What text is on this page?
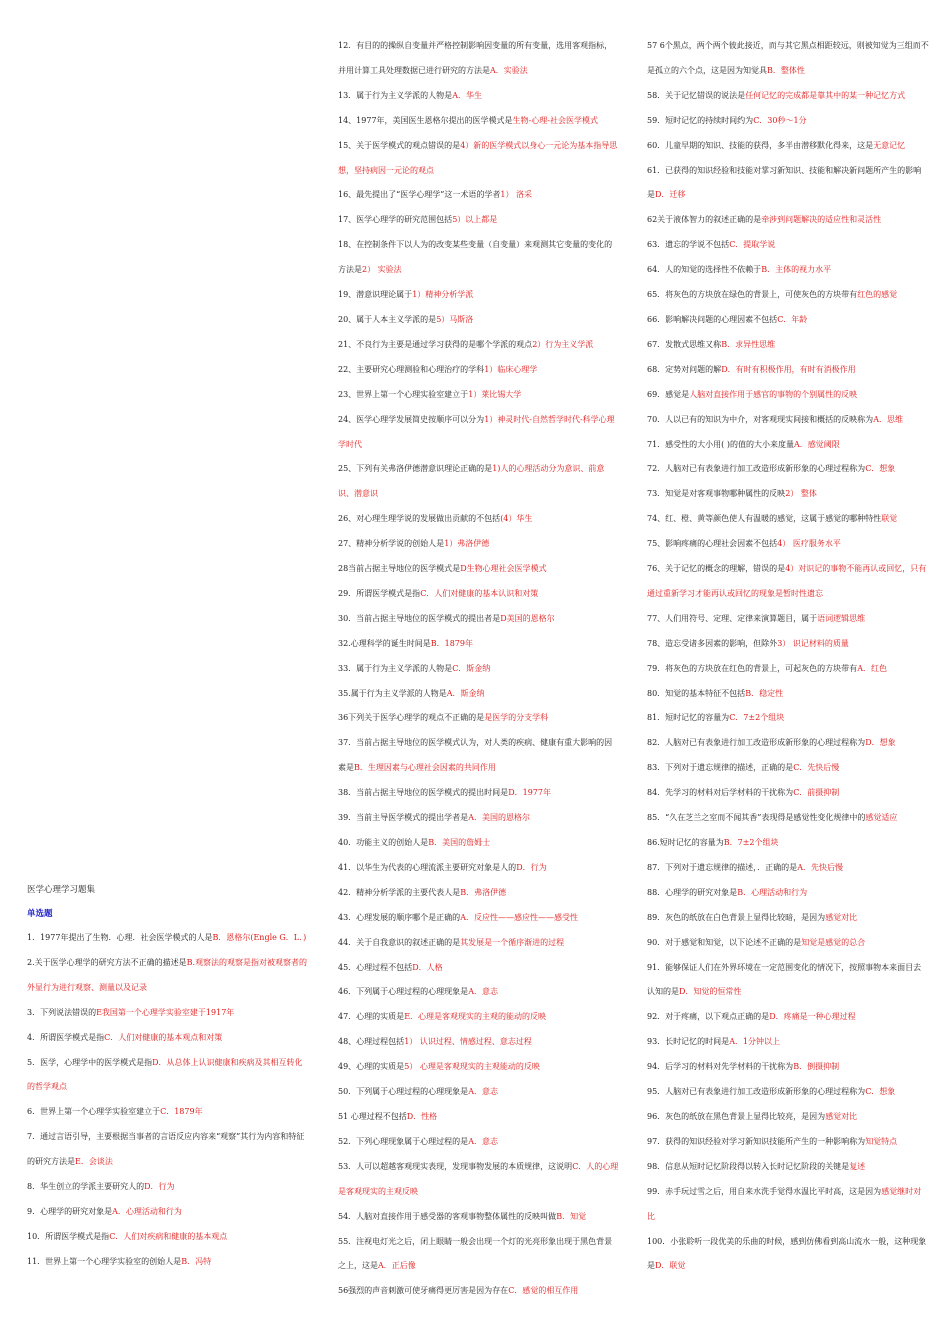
医学心理学习题集

单选题

1．1977年提出了生物．心理．社会医学模式的人是B．恩格尔(Engle G．L．)

2.关于医学心理学的研究方法不正确的描述是B.观察法的观察是指对被观察者的外显行为进行观察、测量以及记录

3．下列说法错误的E我国第一个心理学实验室建于1917年

4．所谓医学模式是指C．人们对健康的基本观点和对策

5．医学，心理学中的医学模式是指D．从总体上认识健康和疾病及其相互转化的哲学观点

6．世界上第一个心理学实验室建立于C．1879年

7．通过言语引导，主要根据当事者的言语反应内容来“观察”其行为内容和特征的研究方法是E．会谈法

8．华生创立的学派主要研究人的D．行为

9．心理学的研究对象是A．心理活动和行为

10．所谓医学模式是指C．人们对疾病和健康的基本观点

11．世界上第一个心理学实验室的创始人是B．冯特

12．有目的的操纵自变量并严格控制影响因变量的所有变量，选用客观指标，并用计算工具处理数据已进行研究的方法是A．实验法

13．属于行为主义学派的人物是A．华生

14、1977年，美国医生恩格尔提出的医学模式是生物-心理-社会医学模式

15、关于医学模式的观点错误的是4）新的医学模式以身心一元论为基本指导思想，坚持病因一元论的观点

16、最先提出了“医学心理学”这一术语的学者1） 洛采

17、医学心理学的研究范围包括5）以上都是

18、在控制条件下以人为的改变某些变量（自变量）来观测其它变量的变化的方法是2） 实验法

19、潜意识理论属于1）精神分析学派

20、属于人本主义学派的是5）马斯洛

21、不良行为主要是通过学习获得的是哪个学派的观点2）行为主义学派

22、主要研究心理测验和心理治疗的学科1）临床心理学

23、世界上第一个心理实验室建立于1）莱比锡大学

24、医学心理学发展简史按顺序可以分为1）神灵时代-自然哲学时代-科学心理学时代

25、下列有关弗洛伊德潜意识理论正确的是1)人的心理活动分为意识、前意识、潜意识

26、对心理生理学说的发展做出贡献的不包括(4）华生

27、精神分析学说的创始人是1）弗洛伊德

28当前占据主导地位的医学模式是D生物心理社会医学模式

29．所谓医学模式是指C．人们对健康的基本认识和对策

30．当前占据主导地位的医学模式的提出者是D美国的恩格尔

32.心理科学的诞生时间是B．1879年

33．属于行为主义学派的人物是C．斯金纳

35.属于行为主义学派的人物是A．斯金纳

36下列关于医学心理学的观点不正确的是是医学的分支学科

37．当前占据主导地位的医学模式认为，对人类的疾病、健康有重大影响的因素是B．生理因素与心理社会因素的共同作用

38．当前占据主导地位的医学模式的提出时间是D．1977年

39．当前主导医学模式的提出学者是A．美国的恩格尔

40．功能主义的创始人是B．美国的詹姆士

41．以华生为代表的心理流派主要研究对象是人的D．行为

42．精神分析学派的主要代表人是B．弗洛伊德

43．心理发展的顺序哪个是正确的A．反应性——感应性——感受性

44．关于自我意识的叙述正确的是其发展是一个循序渐进的过程

45．心理过程不包括D．人格

46．下列属于心理过程的心理现象是A．意志

47．心理的实质是E．心理是客观现实的主观的能动的反映

48、心理过程包括1） 认识过程、情感过程、意志过程

49、心理的实质是5） 心理是客观现实的主观能动的反映

50．下列属于心理过程的心理现象是A．意志

51 心理过程不包括D．性格

52．下列心理现象属于心理过程的是A．意志

53．人可以超越客观现实表现，发现事物发展的本质规律，这说明C．人的心理是客观现实的主观反映

54．人脑对直接作用于感受器的客观事物整体属性的反映叫做B．知觉

55．注视电灯光之后，闭上眼睛一般会出现一个灯的光亮形象出现于黑色背景之上，这是A．正后像

56强烈的声音刺激可使牙痛得更厉害是因为存在C．感觉的相互作用

57 6个黑点，两个两个彼此接近，而与其它黑点相距较远，则被知觉为三组而不是孤立的六个点，这是因为知觉具B．整体性

58．关于记忆错误的说法是任何记忆的完成都是靠其中的某一种记忆方式

59．短时记忆的持续时间约为C．30秒～1分

60．儿童早期的知识、技能的获得，多半由潜移默化得来，这是无意记忆

61．已获得的知识经验和技能对掌习新知识、技能和解决新问题所产生的影响是D．迁移

62关于液体智力的叙述正确的是牵涉到问题解决的适应性和灵活性

63．遗忘的学说不包括C．提取学说

64．人的知觉的选择性不依赖于B．主体的视力水平

65．将灰色的方块放在绿色的背景上，可使灰色的方块带有红色的感觉

66．影响解决问题的心理因素不包括C．年龄

67．发散式思维又称B．求异性思维

68．定势对问题的解D．有时有积极作用，有时有消极作用

69．感觉是人脑对直接作用于感官的事物的个别属性的反映

70．人以已有的知识为中介，对客观现实间接和概括的反映称为A．思维

71．感受性的大小用( )的值的大小来度量A．感觉阈限

72．人脑对已有表象进行加工改造形成新形象的心理过程称为C．想象

73．知觉是对客观事物哪种属性的反映2） 整体

74、红、橙、黄等颜色使人有温暖的感觉，这属于感觉的哪种特性联觉

75、影响疼痛的心理社会因素不包括4） 医疗服务水平

76、关于记忆的概念的理解，错误的是4）对识记的事物不能再认或回忆，只有通过重新学习才能再认或回忆的现象是暂时性遗忘

77、人们用符号、定理、定律来演算题目，属于语词逻辑思维

78、造忘受诸多因素的影响，但除外3） 识记材料的质量

79．将灰色的方块放在红色的背景上，可起灰色的方块带有A．红色

80．知觉的基本特征不包括B．稳定性

81．短时记忆的容量为C．7±2个组块

82．人脑对已有表象进行加工改造形成新形象的心理过程称为D．想象

83．下列对于遗忘规律的描述，正确的是C．先快后慢

84．先学习的材料对后学材料的干扰称为C．前摄抑制

85．“久在芝兰之室而不闻其香”表现得是感觉性变化规律中的感觉适应

86.短时记忆的容量为B．7±2个组块

87．下列对于遗忘规律的描述，．正确的是A．先快后慢

88．心理学的研究对象是B．心理活动和行为

89．灰色的纸放在白色背景上显得比较暗，是因为感觉对比

90．对于感觉和知觉，以下论述不正确的是知觉是感觉的总合

91．能够保证人们在外界环境在一定范围变化的情况下，按照事物本来面目去认知的是D．知觉的恒常性

92．对于疼痛，以下观点正确的是D．疼痛是一种心理过程

93．长时记忆的时间是A．1分钟以上

94．后学习的材料对先学材料的干扰称为B．倒摄抑制

95．人脑对已有表象进行加工改造形成新形象的心理过程称为C．想象

96．灰色的纸放在黑色背景上显得比较亮，是因为感觉对比

97．获得的知识经验对学习新知识技能所产生的一种影响称为知觉特点

98．信息从短时记忆阶段得以转入长时记忆阶段的关键是复述

99．赤手玩过雪之后，用自来水洗手觉得水温比平时高，这是因为感觉继时对比

100．小张聆听一段优美的乐曲的时候，感到仿佛看到高山流水一般，这种现象是D．联觉
